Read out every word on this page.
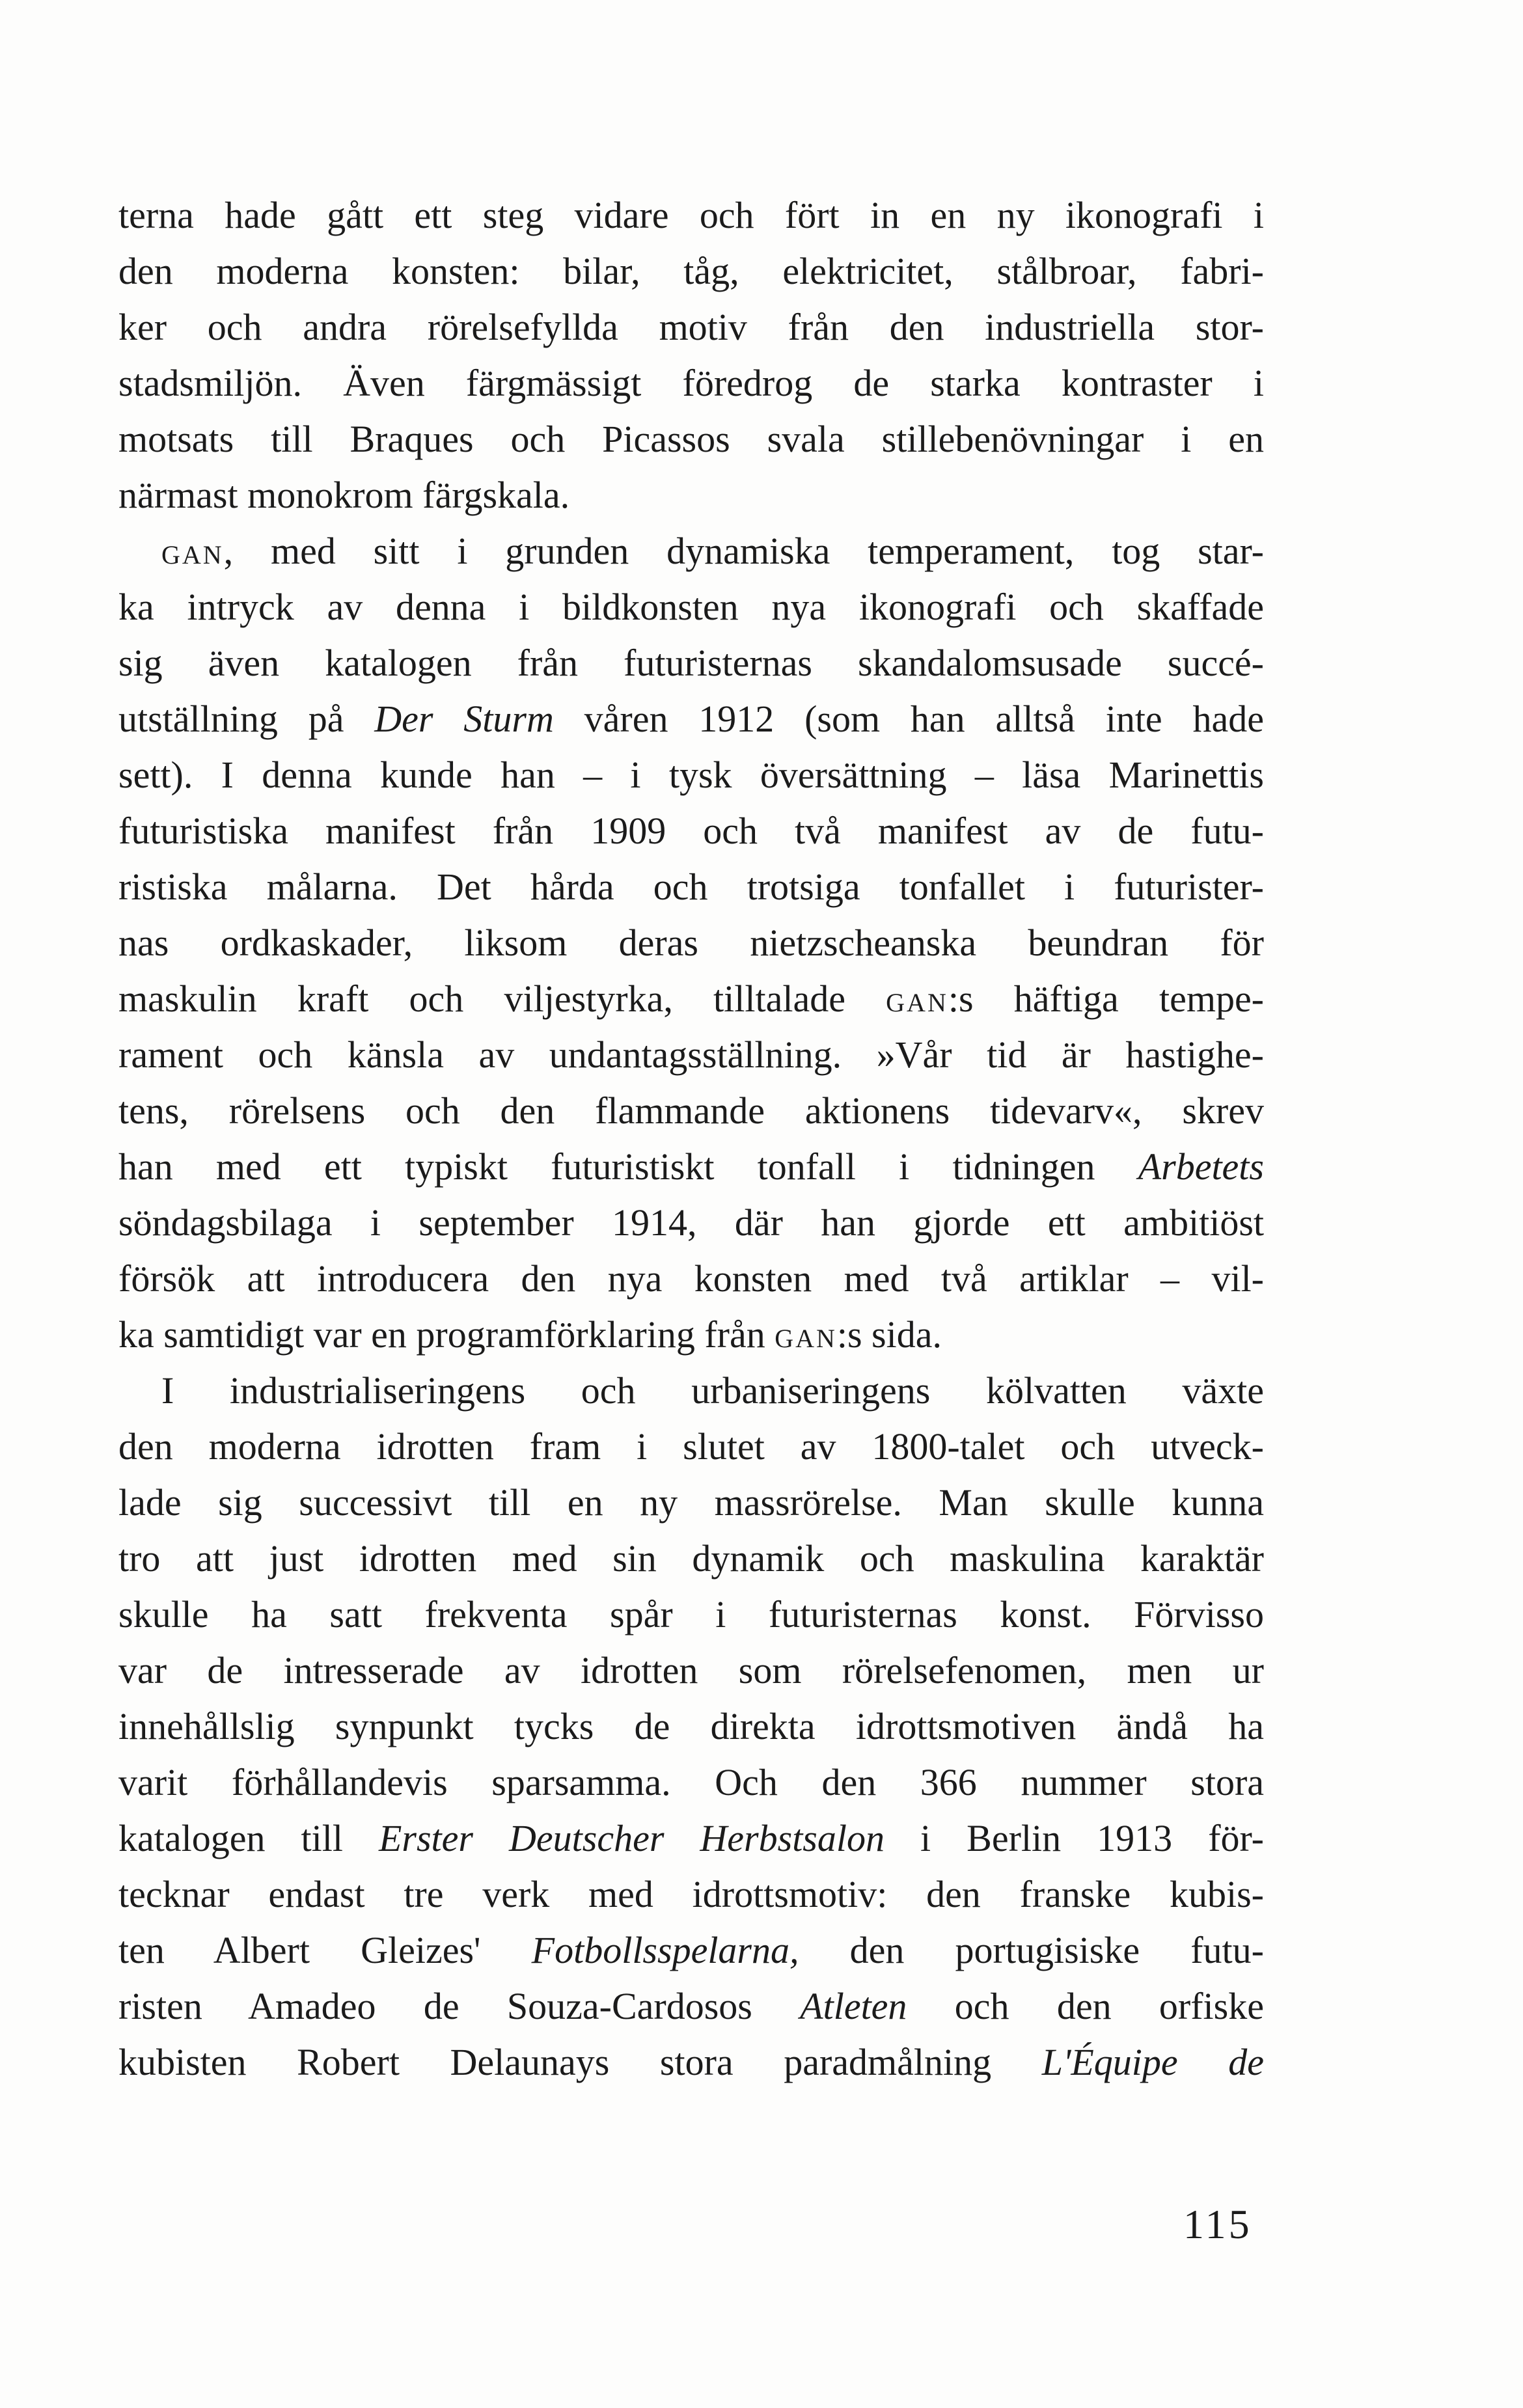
terna hade gått ett steg vidare och fört in en ny ikonografi i
den moderna konsten: bilar, tåg, elektricitet, stålbroar, fabri-
ker och andra rörelsefyllda motiv från den industriella stor-
stadsmiljön. Även färgmässigt föredrog de starka kontraster i
motsats till Braques och Picassos svala stillebenövningar i en
närmast monokrom färgskala.
GAN, med sitt i grunden dynamiska temperament, tog star-
ka intryck av denna i bildkonsten nya ikonografi och skaffade
sig även katalogen från futuristernas skandalomsusade succé-
utställning på Der Sturm våren 1912 (som han alltså inte hade
sett). I denna kunde han – i tysk översättning – läsa Marinettis
futuristiska manifest från 1909 och två manifest av de futu-
ristiska målarna. Det hårda och trotsiga tonfallet i futurister-
nas ordkaskader, liksom deras nietzscheanska beundran för
maskulin kraft och viljestyrka, tilltalade GAN:s häftiga tempe-
rament och känsla av undantagsställning. »Vår tid är hastighe-
tens, rörelsens och den flammande aktionens tidevarv«, skrev
han med ett typiskt futuristiskt tonfall i tidningen Arbetets
söndagsbilaga i september 1914, där han gjorde ett ambitiöst
försök att introducera den nya konsten med två artiklar – vil-
ka samtidigt var en programförklaring från GAN:s sida.
I industrialiseringens och urbaniseringens kölvatten växte
den moderna idrotten fram i slutet av 1800-talet och utveck-
lade sig successivt till en ny massrörelse. Man skulle kunna
tro att just idrotten med sin dynamik och maskulina karaktär
skulle ha satt frekventa spår i futuristernas konst. Förvisso
var de intresserade av idrotten som rörelsefenomen, men ur
innehållslig synpunkt tycks de direkta idrottsmotiven ändå ha
varit förhållandevis sparsamma. Och den 366 nummer stora
katalogen till Erster Deutscher Herbstsalon i Berlin 1913 för-
tecknar endast tre verk med idrottsmotiv: den franske kubis-
ten Albert Gleizes' Fotbollsspelarna, den portugisiske futu-
risten Amadeo de Souza-Cardosos Atleten och den orfiske
kubisten Robert Delaunays stora paradmålning L'Équipe de
115
